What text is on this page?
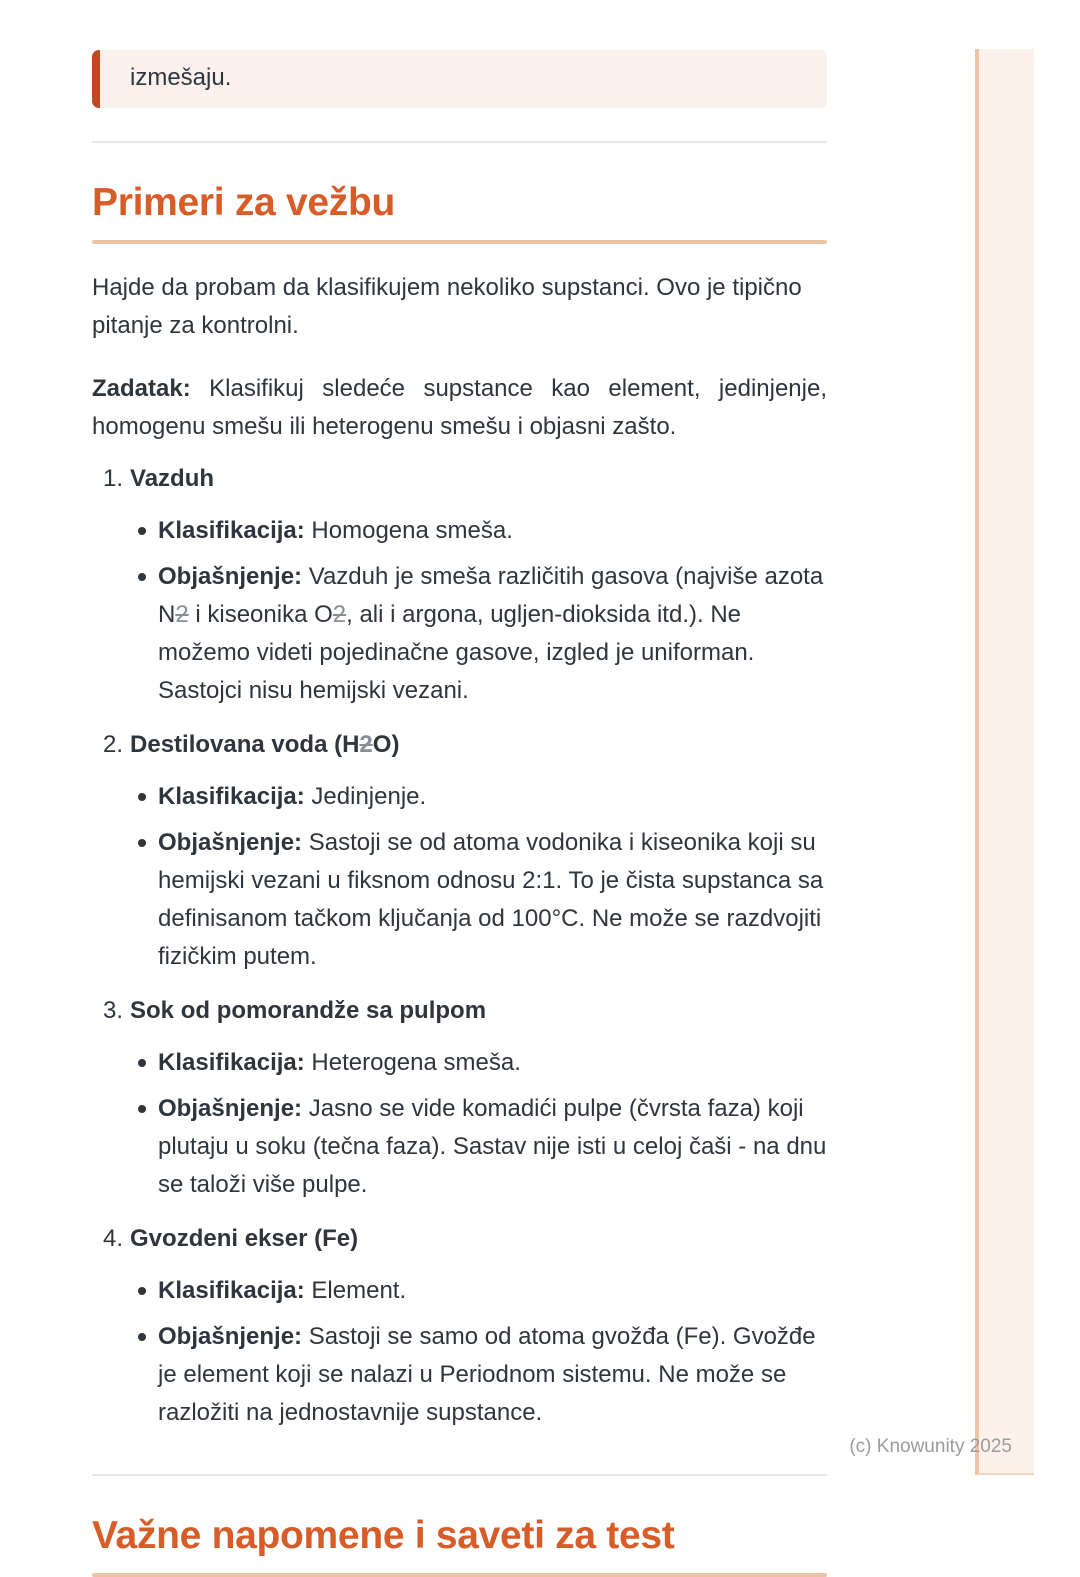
izmešaju.
Primeri za vežbu

Hajde da probam da klasifikujem nekoliko supstanci. Ovo je tipično pitanje za kontrolni.

Zadatak: Klasifikuj sledeće supstance kao element, jedinjenje, homogenu smešu ili heterogenu smešu i objasni zašto.

1. Vazduh
Klasifikacija: Homogena smeša.
Objašnjenje: Vazduh je smeša različitih gasova (najviše azota N2 i kiseonika O2, ali i argona, ugljen-dioksida itd.). Ne možemo videti pojedinačne gasove, izgled je uniforman. Sastojci nisu hemijski vezani.
2. Destilovana voda (H2O)
Klasifikacija: Jedinjenje.
Objašnjenje: Sastoji se od atoma vodonika i kiseonika koji su hemijski vezani u fiksnom odnosu 2:1. To je čista supstanca sa definisanom tačkom ključanja od 100°C. Ne može se razdvojiti fizičkim putem.
3. Sok od pomorandže sa pulpom
Klasifikacija: Heterogena smeša.
Objašnjenje: Jasno se vide komadići pulpe (čvrsta faza) koji plutaju u soku (tečna faza). Sastav nije isti u celoj čaši - na dnu se taloži više pulpe.
4. Gvozdeni ekser (Fe)
Klasifikacija: Element.
Objašnjenje: Sastoji se samo od atoma gvožđa (Fe). Gvožđe je element koji se nalazi u Periodnom sistemu. Ne može se razložiti na jednostavnije supstance.
Važne napomene i saveti za test
(c) Knowunity 2025
